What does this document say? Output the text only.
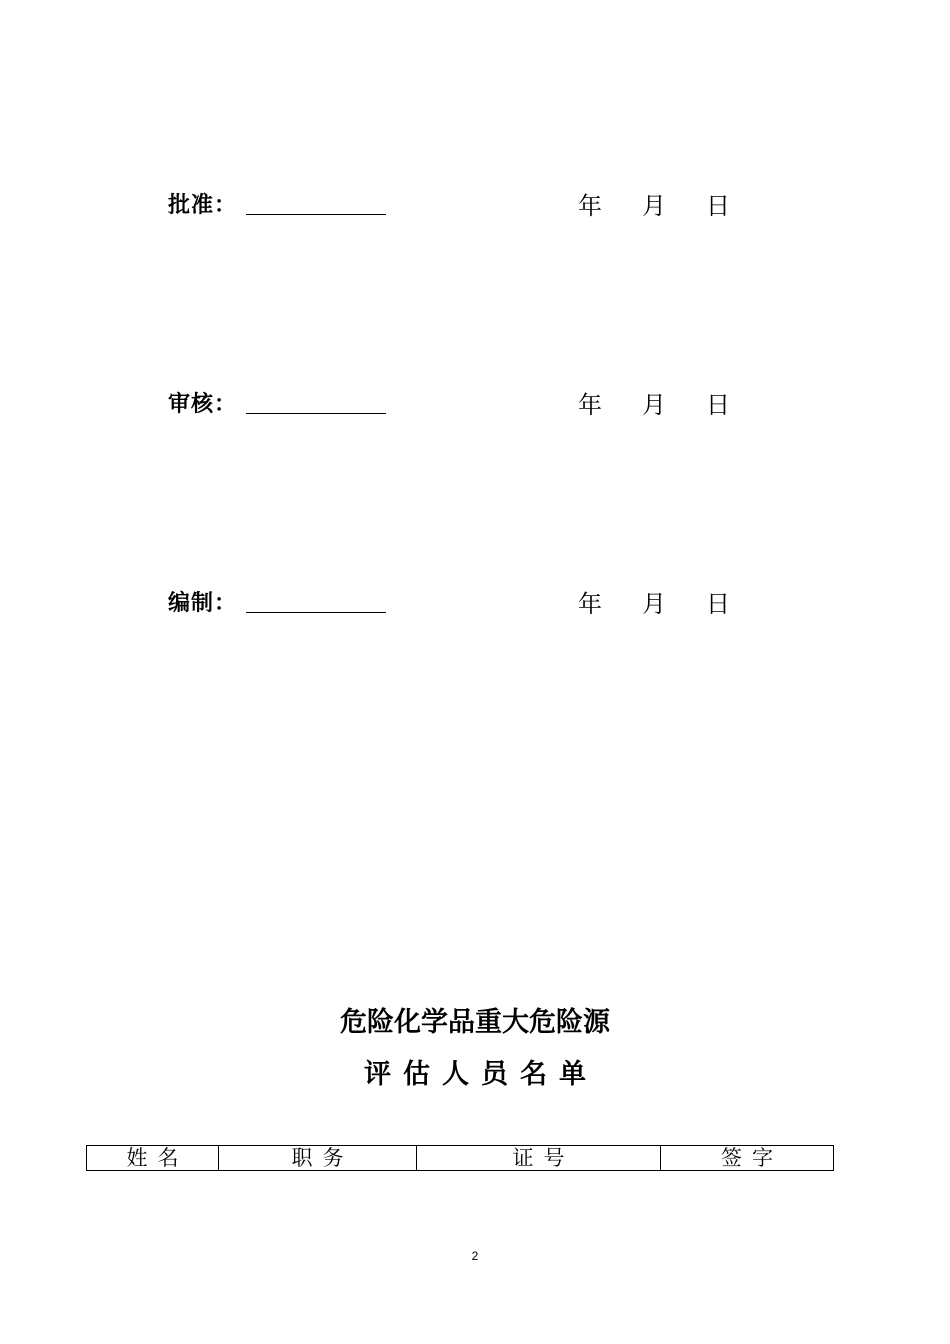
批准：	年 月 日
审核：	年 月 日
编制：	年 月 日
危险化学品重大危险源
评估人员名单
姓名	职务	证号	签字
2
